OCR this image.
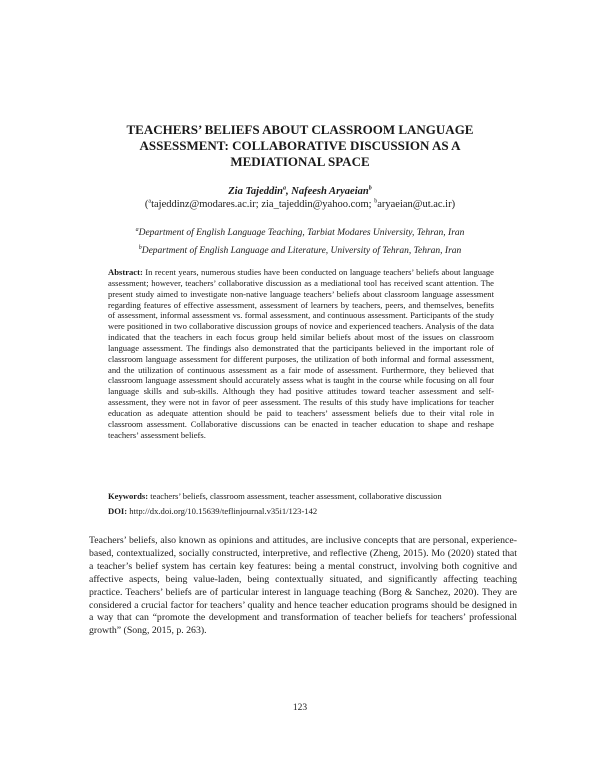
TEACHERS’ BELIEFS ABOUT CLASSROOM LANGUAGE
ASSESSMENT: COLLABORATIVE DISCUSSION AS A
MEDIATIONAL SPACE
Zia Tajeddin$^a$, Nafeesh Aryaeian$^b$
($^a$tajeddinz@modares.ac.ir; zia_tajeddin@yahoo.com; $^b$aryaeian@ut.ac.ir)
$^a$Department of English Language Teaching, Tarbiat Modares University, Tehran, Iran
$^b$Department of English Language and Literature, University of Tehran, Tehran, Iran
Abstract: In recent years, numerous studies have been conducted on language teachers’ beliefs about language assessment; however, teachers’ collaborative discussion as a mediational tool has received scant attention. The present study aimed to investigate non-native language teachers’ beliefs about classroom language assessment regarding features of effective assessment, assessment of learners by teachers, peers, and themselves, benefits of assessment, informal assessment vs. formal assessment, and continuous assessment. Participants of the study were positioned in two collaborative discussion groups of novice and experienced teachers. Analysis of the data indicated that the teachers in each focus group held similar beliefs about most of the issues on classroom language assessment. The findings also demonstrated that the participants believed in the important role of classroom language assessment for different purposes, the utilization of both informal and formal assessment, and the utilization of continuous assessment as a fair mode of assessment. Furthermore, they believed that classroom language assessment should accurately assess what is taught in the course while focusing on all four language skills and sub-skills. Although they had positive attitudes toward teacher assessment and self-assessment, they were not in favor of peer assessment. The results of this study have implications for teacher education as adequate attention should be paid to teachers’ assessment beliefs due to their vital role in classroom assessment. Collaborative discussions can be enacted in teacher education to shape and reshape teachers’ assessment beliefs.
Keywords: teachers’ beliefs, classroom assessment, teacher assessment, collaborative discussion
DOI: http://dx.doi.org/10.15639/teflinjournal.v35i1/123-142
Teachers’ beliefs, also known as opinions and attitudes, are inclusive concepts that are personal, experience-based, contextualized, socially constructed, interpretive, and reflective (Zheng, 2015). Mo (2020) stated that a teacher’s belief system has certain key features: being a mental construct, involving both cognitive and affective aspects, being value-laden, being contextually situated, and significantly affecting teaching practice. Teachers’ beliefs are of particular interest in language teaching (Borg & Sanchez, 2020). They are considered a crucial factor for teachers’ quality and hence teacher education programs should be designed in a way that can “promote the development and transformation of teacher beliefs for teachers’ professional growth” (Song, 2015, p. 263).
123
